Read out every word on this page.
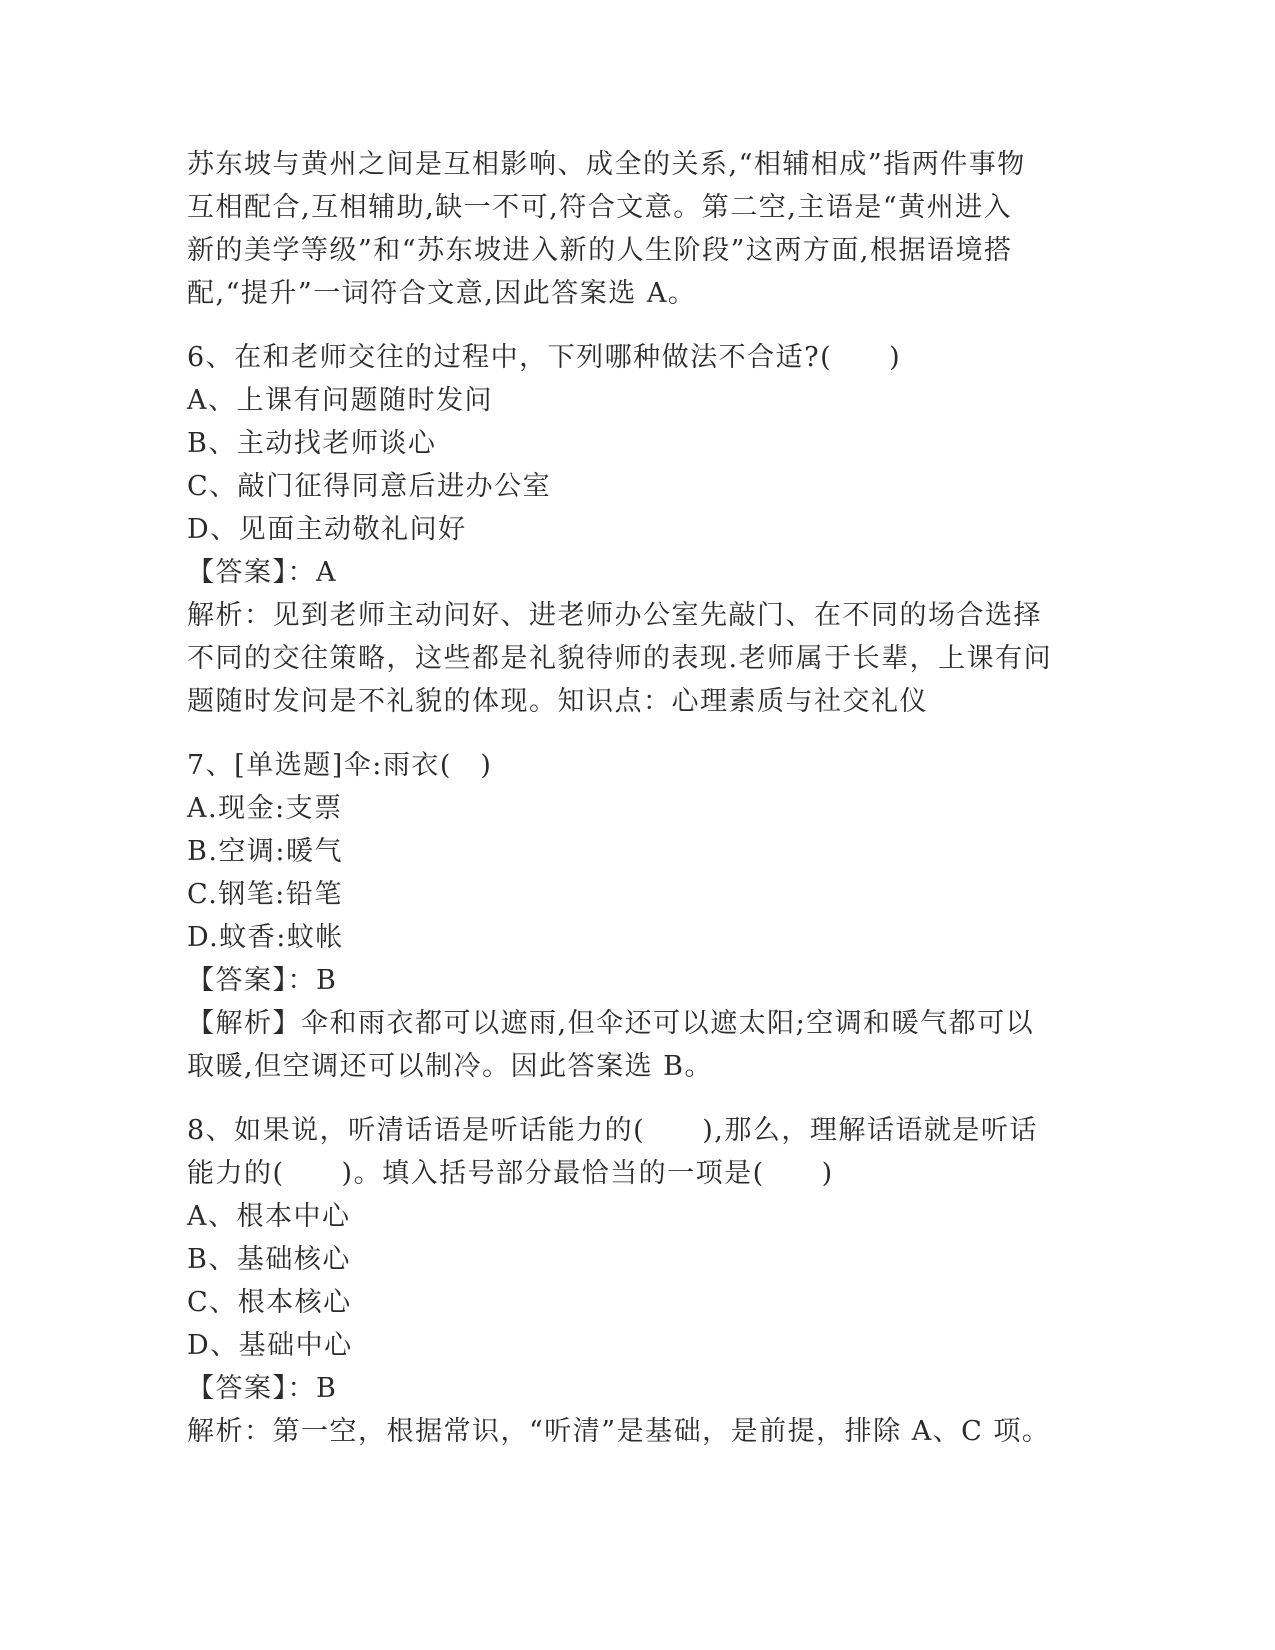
苏东坡与黄州之间是互相影响、成全的关系,“相辅相成”指两件事物
互相配合,互相辅助,缺一不可,符合文意。第二空,主语是“黄州进入
新的美学等级”和“苏东坡进入新的人生阶段”这两方面,根据语境搭
配,“提升”一词符合文意,因此答案选 A。
6、在和老师交往的过程中，下列哪种做法不合适?(　　)
A、上课有问题随时发问
B、主动找老师谈心
C、敲门征得同意后进办公室
D、见面主动敬礼问好
【答案】：A
解析：见到老师主动问好、进老师办公室先敲门、在不同的场合选择
不同的交往策略，这些都是礼貌待师的表现.老师属于长辈，上课有问
题随时发问是不礼貌的体现。知识点：心理素质与社交礼仪
7、[单选题]伞:雨衣(　)
A.现金:支票
B.空调:暖气
C.钢笔:铅笔
D.蚊香:蚊帐
【答案】：B
【解析】伞和雨衣都可以遮雨,但伞还可以遮太阳;空调和暖气都可以
取暖,但空调还可以制冷。因此答案选 B。
8、如果说，听清话语是听话能力的(　　),那么，理解话语就是听话
能力的(　　)。填入括号部分最恰当的一项是(　　)
A、根本中心
B、基础核心
C、根本核心
D、基础中心
【答案】：B
解析：第一空，根据常识，“听清”是基础，是前提，排除 A、C 项。
